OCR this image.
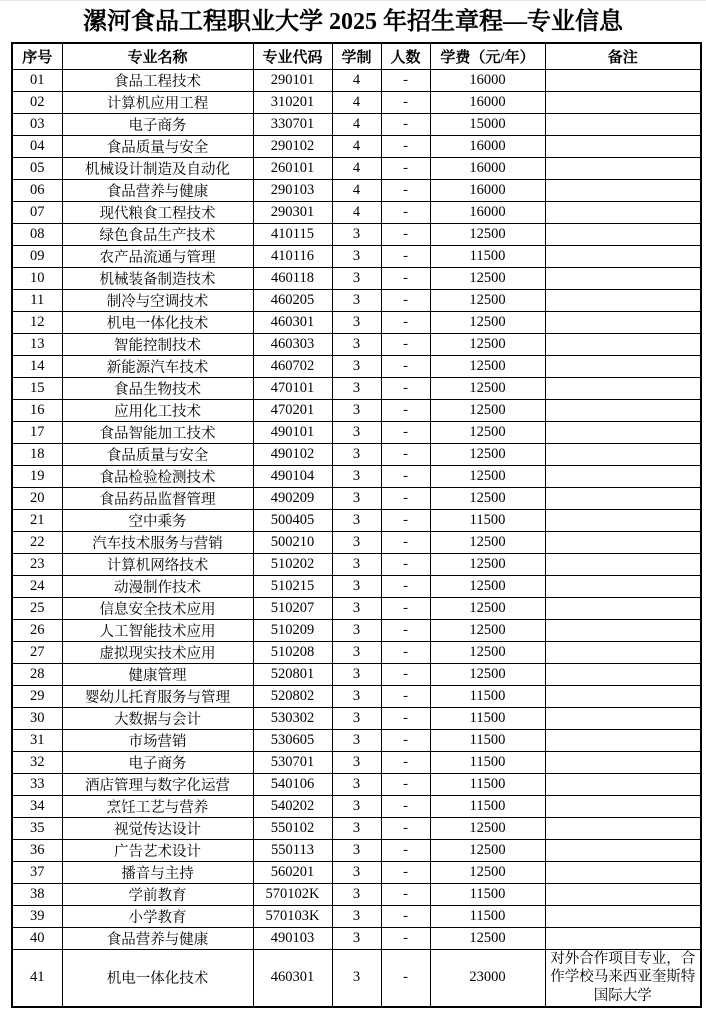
漯河食品工程职业大学 2025 年招生章程—专业信息
序号	专业名称	专业代码	学制	人数	学费（元/年）	备注
01	食品工程技术	290101	4	-	16000	
02	计算机应用工程	310201	4	-	16000	
03	电子商务	330701	4	-	15000	
04	食品质量与安全	290102	4	-	16000	
05	机械设计制造及自动化	260101	4	-	16000	
06	食品营养与健康	290103	4	-	16000	
07	现代粮食工程技术	290301	4	-	16000	
08	绿色食品生产技术	410115	3	-	12500	
09	农产品流通与管理	410116	3	-	11500	
10	机械装备制造技术	460118	3	-	12500	
11	制冷与空调技术	460205	3	-	12500	
12	机电一体化技术	460301	3	-	12500	
13	智能控制技术	460303	3	-	12500	
14	新能源汽车技术	460702	3	-	12500	
15	食品生物技术	470101	3	-	12500	
16	应用化工技术	470201	3	-	12500	
17	食品智能加工技术	490101	3	-	12500	
18	食品质量与安全	490102	3	-	12500	
19	食品检验检测技术	490104	3	-	12500	
20	食品药品监督管理	490209	3	-	12500	
21	空中乘务	500405	3	-	11500	
22	汽车技术服务与营销	500210	3	-	12500	
23	计算机网络技术	510202	3	-	12500	
24	动漫制作技术	510215	3	-	12500	
25	信息安全技术应用	510207	3	-	12500	
26	人工智能技术应用	510209	3	-	12500	
27	虚拟现实技术应用	510208	3	-	12500	
28	健康管理	520801	3	-	12500	
29	婴幼儿托育服务与管理	520802	3	-	11500	
30	大数据与会计	530302	3	-	11500	
31	市场营销	530605	3	-	11500	
32	电子商务	530701	3	-	11500	
33	酒店管理与数字化运营	540106	3	-	11500	
34	烹饪工艺与营养	540202	3	-	11500	
35	视觉传达设计	550102	3	-	12500	
36	广告艺术设计	550113	3	-	12500	
37	播音与主持	560201	3	-	12500	
38	学前教育	570102K	3	-	11500	
39	小学教育	570103K	3	-	11500	
40	食品营养与健康	490103	3	-	12500	
41	机电一体化技术	460301	3	-	23000	对外合作项目专业，合作学校马来西亚奎斯特国际大学
